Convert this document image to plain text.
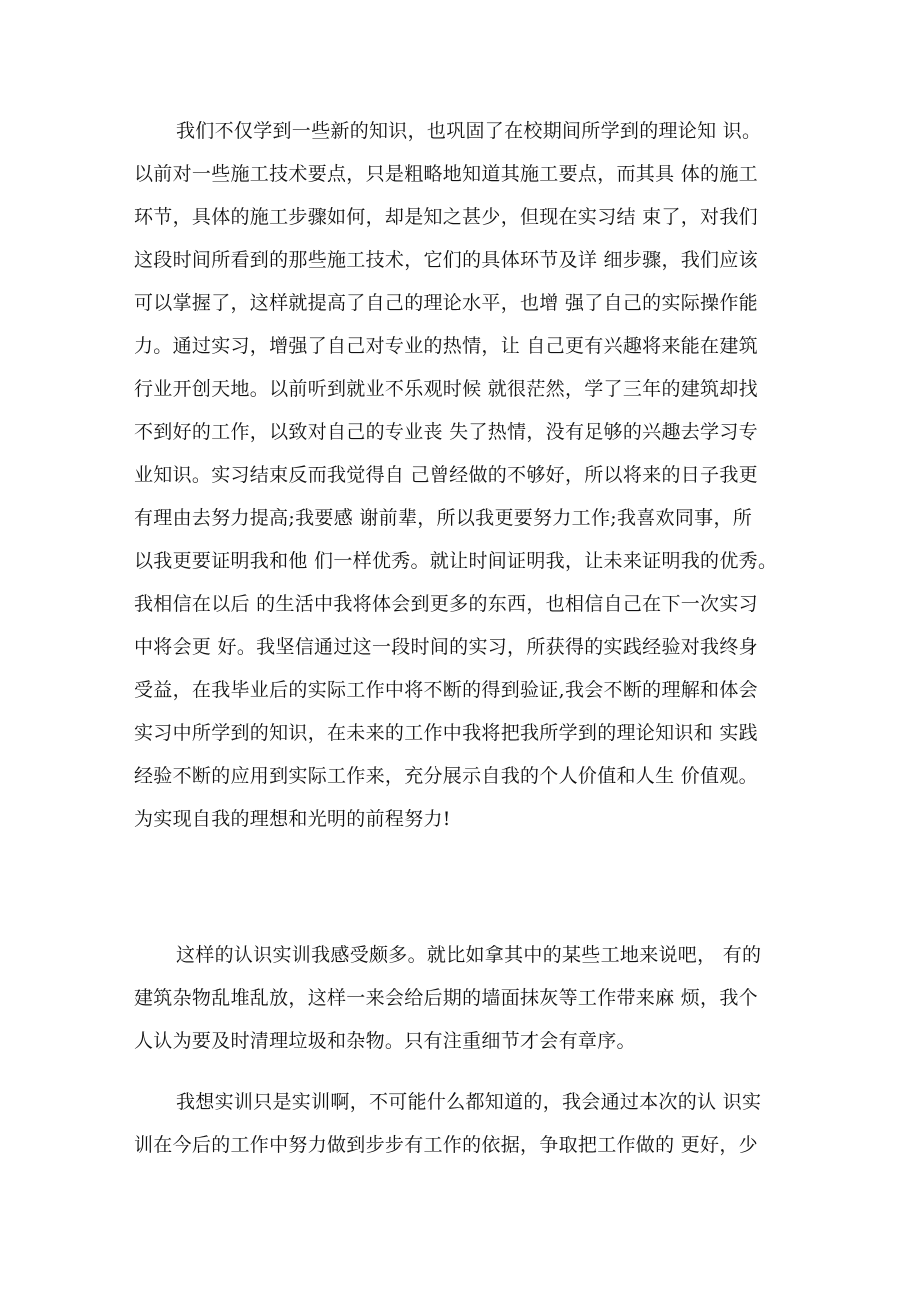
我们不仅学到一些新的知识，也巩固了在校期间所学到的理论知 识。
以前对一些施工技术要点，只是粗略地知道其施工要点，而其具 体的施工
环节，具体的施工步骤如何，却是知之甚少，但现在实习结 束了，对我们
这段时间所看到的那些施工技术，它们的具体环节及详 细步骤，我们应该
可以掌握了，这样就提高了自己的理论水平，也增 强了自己的实际操作能
力。通过实习，增强了自己对专业的热情，让 自己更有兴趣将来能在建筑
行业开创天地。以前听到就业不乐观时候 就很茫然，学了三年的建筑却找
不到好的工作，以致对自己的专业丧 失了热情，没有足够的兴趣去学习专
业知识。实习结束反而我觉得自 己曾经做的不够好，所以将来的日子我更
有理由去努力提高;我要感 谢前辈，所以我更要努力工作;我喜欢同事，所
以我更要证明我和他 们一样优秀。就让时间证明我，让未来证明我的优秀。
我相信在以后 的生活中我将体会到更多的东西，也相信自己在下一次实习
中将会更 好。我坚信通过这一段时间的实习，所获得的实践经验对我终身
受益，在我毕业后的实际工作中将不断的得到验证,我会不断的理解和体会
实习中所学到的知识，在未来的工作中我将把我所学到的理论知识和 实践
经验不断的应用到实际工作来，充分展示自我的个人价值和人生 价值观。
为实现自我的理想和光明的前程努力!
这样的认识实训我感受颇多。就比如拿其中的某些工地来说吧， 有的
建筑杂物乱堆乱放，这样一来会给后期的墙面抹灰等工作带来麻 烦，我个
人认为要及时清理垃圾和杂物。只有注重细节才会有章序。
我想实训只是实训啊，不可能什么都知道的，我会通过本次的认 识实
训在今后的工作中努力做到步步有工作的依据，争取把工作做的 更好，少
